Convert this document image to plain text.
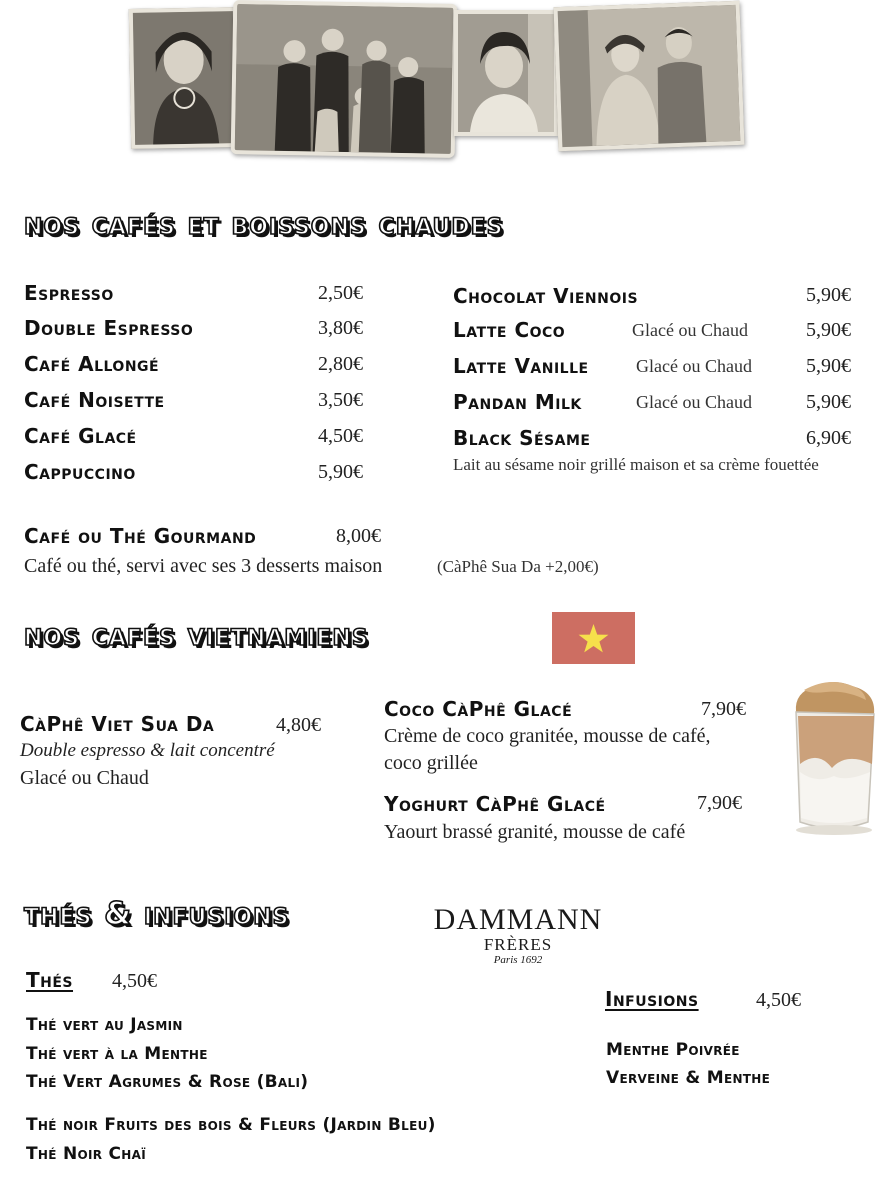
nos cafés et boissons chaudes
Espresso	2,50€
Double Espresso	3,80€
Café Allongé	2,80€
Café Noisette	3,50€
Café Glacé	4,50€
Cappuccino	5,90€
Chocolat Viennois	5,90€
Latte Coco	Glacé ou Chaud	5,90€
Latte Vanille	Glacé ou Chaud	5,90€
Pandan Milk	Glacé ou Chaud	5,90€
Black Sésame	6,90€
Lait au sésame noir grillé maison et sa crème fouettée
Café ou Thé Gourmand	8,00€
Café ou thé, servi avec ses 3 desserts maison	(CàPhê Sua Da +2,00€)
nos cafés vietnamiens
CàPhê Viet Sua Da	4,80€
Double espresso & lait concentré
Glacé ou Chaud
Coco CàPhê Glacé	7,90€
Crème de coco granitée, mousse de café,
coco grillée
Yoghurt CàPhê Glacé	7,90€
Yaourt brassé granité, mousse de café
thés & infusions	DAMMANN
FRÈRES
Paris 1692
Thés 4,50€
Thé vert au Jasmin
Thé vert à la Menthe
Thé Vert Agrumes & Rose (Bali)
Thé noir Fruits des bois & Fleurs (Jardin Bleu)
Thé Noir Chaï
Infusions	4,50€
Menthe Poivrée
Verveine & Menthe
